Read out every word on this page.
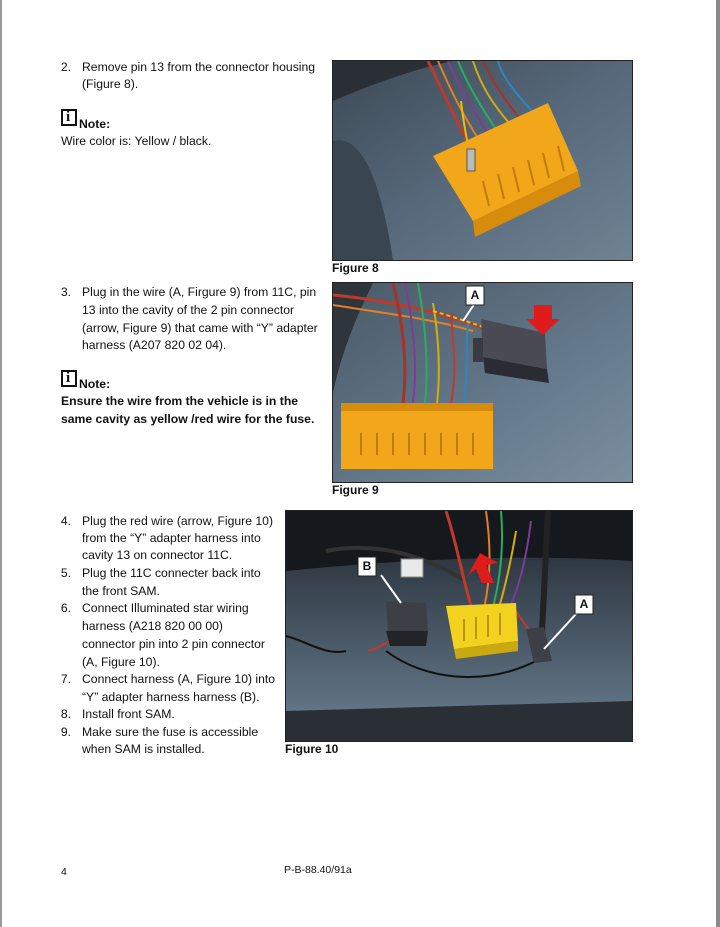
2. Remove pin 13 from the connector housing
(Figure 8).
i Note:
Wire color is: Yellow / black.
Figure 8
3. Plug in the wire (A, Firgure 9) from 11C, pin
13 into the cavity of the 2 pin connector
(arrow, Figure 9) that came with “Y” adapter
harness (A207 820 02 04).
i Note:
Ensure the wire from the vehicle is in the
same cavity as yellow /red wire for the fuse.
A
Figure 9
4. Plug the red wire (arrow, Figure 10)
from the “Y” adapter harness into
cavity 13 on connector 11C.
5. Plug the 11C connecter back into
the front SAM.
6. Connect Illuminated star wiring
harness (A218 820 00 00)
connector pin into 2 pin connector
(A, Figure 10).
7. Connect harness (A, Figure 10) into
“Y” adapter harness harness (B).
8. Install front SAM.
9. Make sure the fuse is accessible
when SAM is installed.
B
A
Figure 10
4	P-B-88.40/91a
